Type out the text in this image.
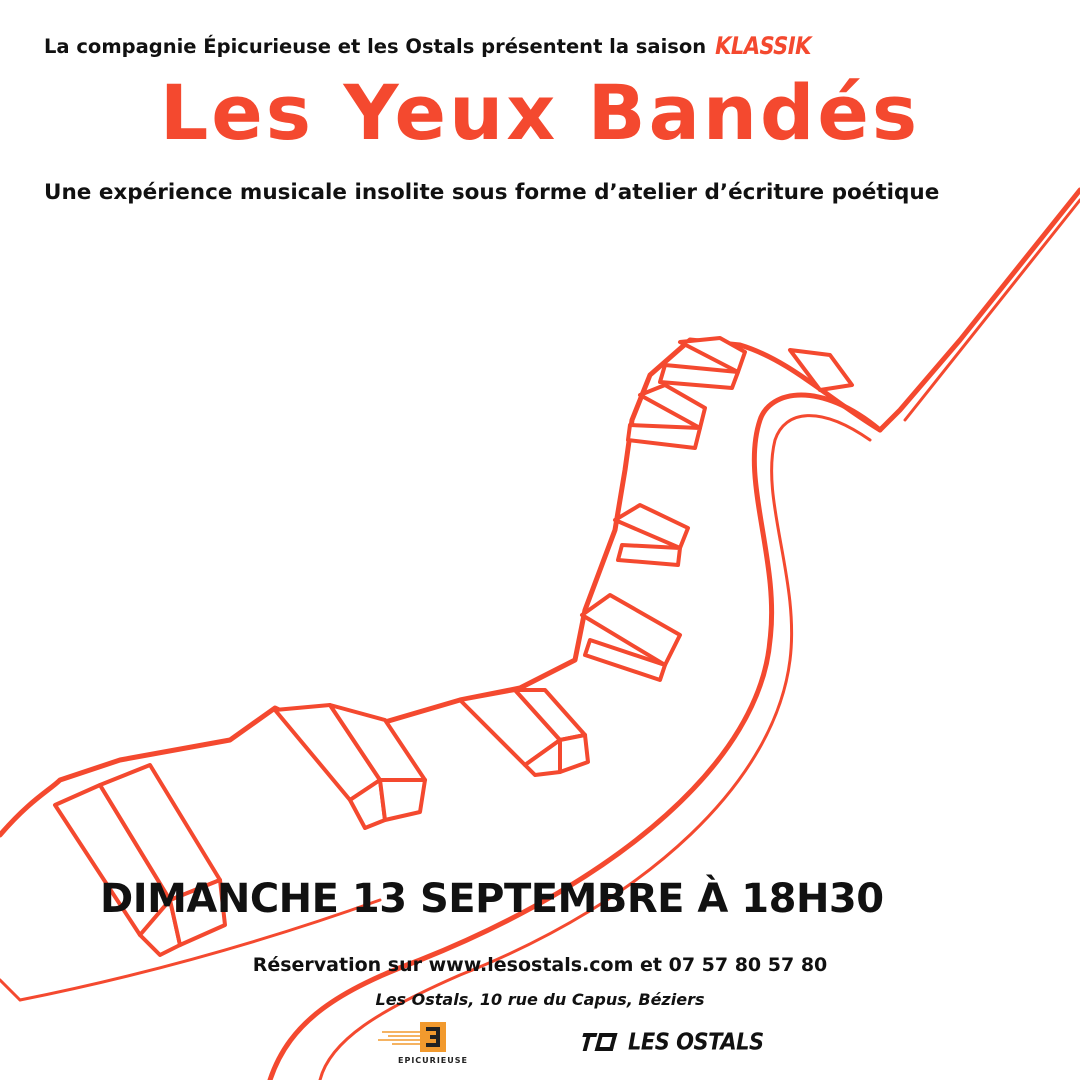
La compagnie Épicurieuse et les Ostals présentent la saison KLASSIK
Les Yeux Bandés
Une expérience musicale insolite sous forme d’atelier d’écriture poétique
DIMANCHE 13 SEPTEMBRE À 18H30
Réservation sur www.lesostals.com et 07 57 80 57 80
Les Ostals, 10 rue du Capus, Béziers
EPICURIEUSE
LES OSTALS
